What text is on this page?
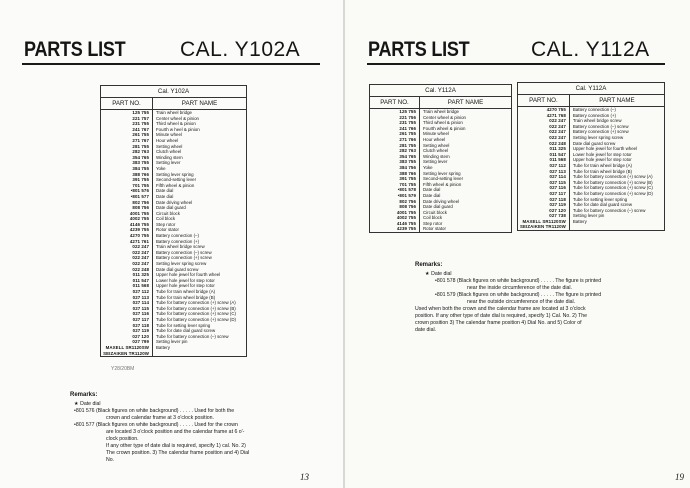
PARTS LIST	CAL. Y102A
Cal. Y102A	
PART NO.	PART NAME
125 755	Train wheel bridge
221 757	Center wheel & pinion
231 755	Third wheel & pinion
241 767	Fourth w heel & pinion
261 755	Minute wheel
271 767	Hour wheel
281 755	Setting wheel
282 763	Clutch wheel
354 765	Winding stem
383 755	Setting lever
384 755	Yoke
388 766	Setting lever spring
391 755	Second-setting lever
701 755	Fifth wheel & pinion
•801 576	Date dial
•801 577	Date dial
802 756	Date driving wheel
808 756	Date dial guard
4001 755	Circuit block
4002 755	Coil block
4146 755	Step rotor
4239 755	Rotor stator
4270 755	Battery connection (–)
4271 761	Battery connection (+)
022 247	Train wheel bridge screw
022 247	Battery connection (–) screw
022 247	Battery connection (+) screw
022 247	Setting lever spring screw
022 248	Date dial guard screw
011 325	Upper hole jewel for fourth wheel
011 547	Lower hole jewel for step rotor
011 568	Upper hole jewel for step rotor
027 112	Tube for train wheel bridge (A)
027 113	Tube for train wheel bridge (B)
027 114	Tube for battery connection (+) screw (A)
027 115	Tube for battery connection (+) screw (B)
027 116	Tube for battery connection (+) screw (C)
027 117	Tube for battery connection (+) screw (D)
027 118	Tube for setting lever spring
027 119	Tube for date dial guard screw
027 120	Tube for battery connection (–) screw
027 799	Setting lever pin
MAXELL SR1120SW	Battery
SEIZAIKEN TR1120W	
Y28/20BM
Remarks:

★ Date dial

•801 576 (Black figures on white background) . . . . . Used for both the

crown and calendar frame at 3 o'clock position.

•801 577 (Black figures on white background) . . . . . Used for the crown

are located 3 o'clock position and the calendar frame at 6 o'-

clock position.

If any other type of date dial is required, specify 1) cal. No. 2)

The crown position. 3) The calendar frame position and 4) Dial

No.

13
PARTS LIST	CAL. Y112A
Cal. Y112A	
PART NO.	PART NAME
125 755	Train wheel bridge
221 756	Center wheel & pinion
231 755	Third wheel & pinion
241 766	Fourth wheel & pinion
261 755	Minute wheel
271 766	Hour wheel
281 755	Setting wheel
282 763	Clutch wheel
354 765	Winding stem
383 755	Setting lever
384 756	Yoke
388 766	Setting lever spring
391 755	Second-setting lever
701 755	Fifth wheel & pinion
•801 578	Date dial
•801 579	Date dial
802 756	Date driving wheel
808 756	Date dial guard
4001 755	Circuit block
4002 755	Coil block
4146 755	Step rotor
4239 755	Rotor stator
Cal. Y112A	
PART NO.	PART NAME
4270 755	Battery connection (–)
4271 768	Battery connection (+)
022 247	Train wheel bridge screw
022 247	Battery connection (–) screw
022 247	Battery connection (+) screw
022 247	Setting lever spring screw
022 248	Date dial guard screw
011 325	Upper hole jewel for fourth wheel
011 547	Lower hole jewel for step rotor
011 568	Upper hole jewel for step rotor
027 112	Tube for train wheel bridge (A)
027 113	Tube for train wheel bridge (B)
027 114	Tube for battery connection (+) screw (A)
027 115	Tube for battery connection (+) screw (B)
027 116	Tube for battery connection (+) screw (C)
027 117	Tube for battery connection (+) screw (D)
027 118	Tube for setting lever spring
027 119	Tube for date dial guard screw
027 120	Tube for battery connection (–) screw
027 738	Setting lever pin
MAXELL SR1120SW	Battery
SEIZAIKEN TR1120W	
Remarks:

★ Date dial

•801 578 (Black figures on white background) . . . . . The figure is printed

near the inside circumference of the date dial.

•801 579 (Black figures on white background) . . . . . The figure is printed

near the outside circumference of the date dial.

Used when both the crown and the calendar frame are located at 3 o'clock

position. If any other type of date dial is required, specify 1) Cal. No. 2) The

crown position 3) The calendar frame position 4) Dial No. and 5) Color of

date dial.

19
